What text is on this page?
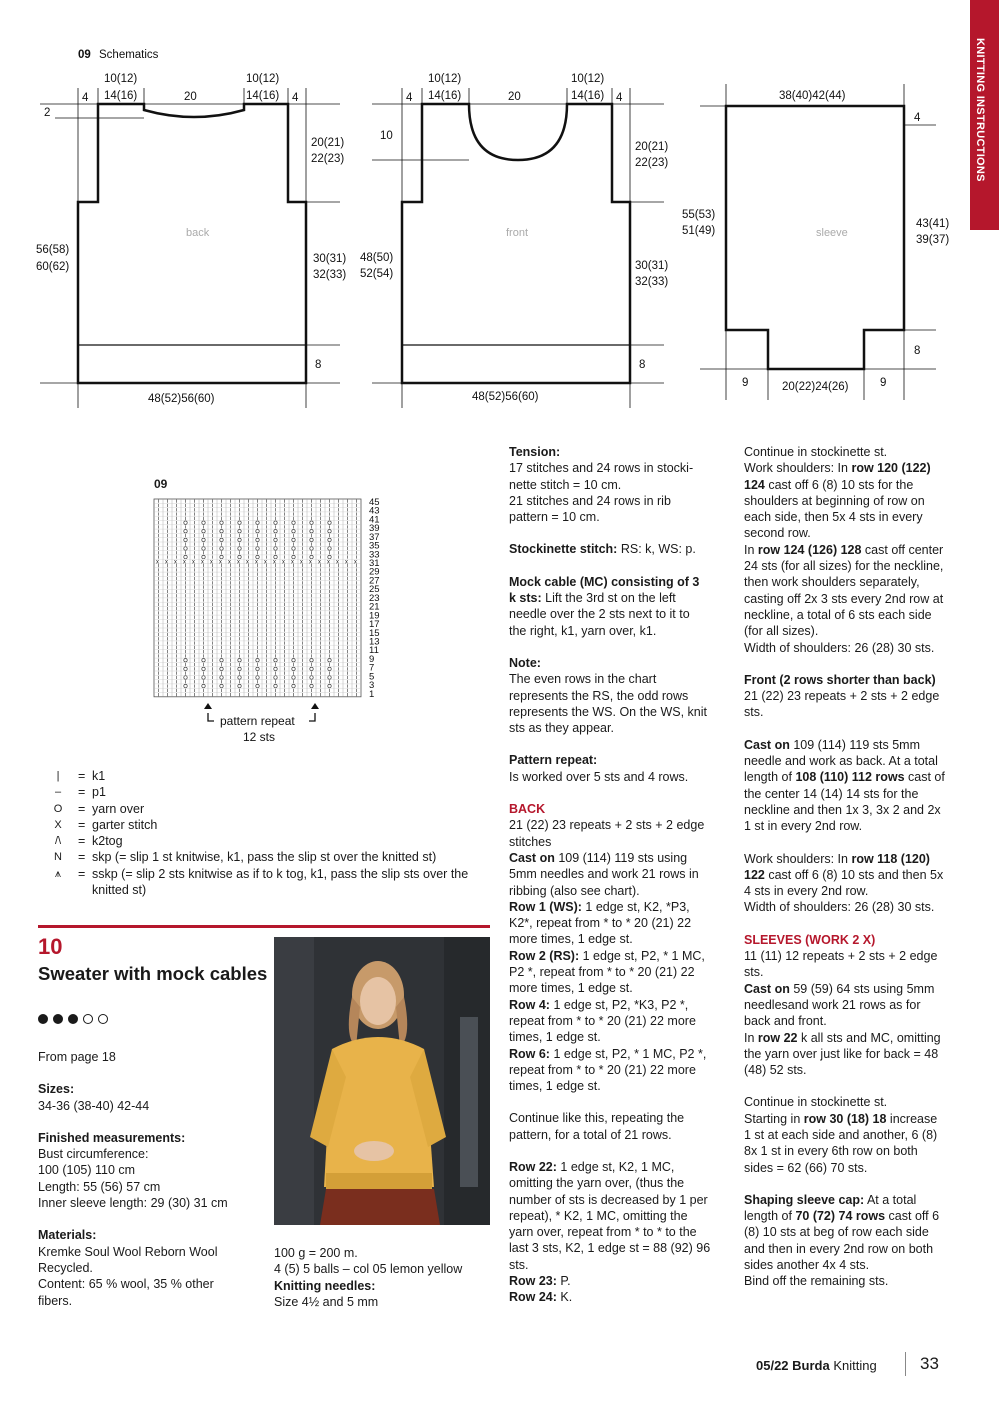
KNITTING INSTRUCTIONS
09 Schematics
4
10(12)
14(16)	20
10(12)
14(16) 4
2
20(21)
22(23)
back
56(58)
60(62)
30(31)
32(33)
8
48(52)56(60)
4
10(12)
14(16)	20
10(12)
14(16) 4
10
20(21)
22(23)
front
48(50)
52(54)
30(31)
32(33)
8
48(52)56(60)
38(40)42(44)
4
55(53)
51(49)	sleeve
43(41)
39(37)
8
9	20(22)24(26)	9
09
x x x x x x x x x x x x x x x x x x x x x x x
45
43
41
39
37
35
33
31
29
27
25
23
21
19
17
15
13
11
9
7
5
3
1
pattern repeat
12 sts
|	= k1
–	= p1
O	= yarn over
X	= garter stitch
/\	= k2tog
N	= skp (= slip 1 st knitwise, k1, pass the slip st over the knitted st)
⩚	= sskp (= slip 2 sts knitwise as if to k tog, k1, pass the slip sts over the knitted st)
10
Sweater with mock cables

From page 18

Sizes:

34-36 (38-40) 42-44

Finished measurements:

Bust circumference:

100 (105) 110 cm

Length: 55 (56) 57 cm

Inner sleeve length: 29 (30) 31 cm

Materials:

Kremke Soul Wool Reborn Wool

Recycled.

Content: 65 % wool, 35 % other

fibers.

100 g = 200 m.

4 (5) 5 balls – col 05 lemon yellow

Knitting needles:

Size 4½ and 5 mm

Tension:

17 stitches and 24 rows in stocki-

nette stitch = 10 cm.

21 stitches and 24 rows in rib

pattern = 10 cm.

Stockinette stitch: RS: k, WS: p.

Mock cable (MC) consisting of 3

k sts: Lift the 3rd st on the left

needle over the 2 sts next to it to

the right, k1, yarn over, k1.

Note:

The even rows in the chart

represents the RS, the odd rows

represents the WS. On the WS, knit

sts as they appear.

Pattern repeat:

Is worked over 5 sts and 4 rows.

BACK

21 (22) 23 repeats + 2 sts + 2 edge

stitches

Cast on 109 (114) 119 sts using

5mm needles and work 21 rows in

ribbing (also see chart).

Row 1 (WS): 1 edge st, K2, *P3,

K2*, repeat from * to * 20 (21) 22

more times, 1 edge st.

Row 2 (RS): 1 edge st, P2, * 1 MC,

P2 *, repeat from * to * 20 (21) 22

more times, 1 edge st.

Row 4: 1 edge st, P2, *K3, P2 *,

repeat from * to * 20 (21) 22 more

times, 1 edge st.

Row 6: 1 edge st, P2, * 1 MC, P2 *,

repeat from * to * 20 (21) 22 more

times, 1 edge st.

Continue like this, repeating the

pattern, for a total of 21 rows.

Row 22: 1 edge st, K2, 1 MC,

omitting the yarn over, (thus the

number of sts is decreased by 1 per

repeat), * K2, 1 MC, omitting the

yarn over, repeat from * to * to the

last 3 sts, K2, 1 edge st = 88 (92) 96

sts.

Row 23: P.

Row 24: K.

Continue in stockinette st.

Work shoulders: In row 120 (122)

124 cast off 6 (8) 10 sts for the

shoulders at beginning of row on

each side, then 5x 4 sts in every

second row.

In row 124 (126) 128 cast off center

24 sts (for all sizes) for the neckline,

then work shoulders separately,

casting off 2x 3 sts every 2nd row at

neckline, a total of 6 sts each side

(for all sizes).

Width of shoulders: 26 (28) 30 sts.

Front (2 rows shorter than back)

21 (22) 23 repeats + 2 sts + 2 edge

sts.

Cast on 109 (114) 119 sts 5mm

needle and work as back. At a total

length of 108 (110) 112 rows cast of

the center 14 (14) 14 sts for the

neckline and then 1x 3, 3x 2 and 2x

1 st in every 2nd row.

Work shoulders: In row 118 (120)

122 cast off 6 (8) 10 sts and then 5x

4 sts in every 2nd row.

Width of shoulders: 26 (28) 30 sts.

SLEEVES (WORK 2 X)

11 (11) 12 repeats + 2 sts + 2 edge

sts.

Cast on 59 (59) 64 sts using 5mm

needlesand work 21 rows as for

back and front.

In row 22 k all sts and MC, omitting

the yarn over just like for back = 48

(48) 52 sts.

Continue in stockinette st.

Starting in row 30 (18) 18 increase

1 st at each side and another, 6 (8)

8x 1 st in every 6th row on both

sides = 62 (66) 70 sts.

Shaping sleeve cap: At a total

length of 70 (72) 74 rows cast off 6

(8) 10 sts at beg of row each side

and then in every 2nd row on both

sides another 4x 4 sts.

Bind off the remaining sts.

05/22 Burda Knitting	33
